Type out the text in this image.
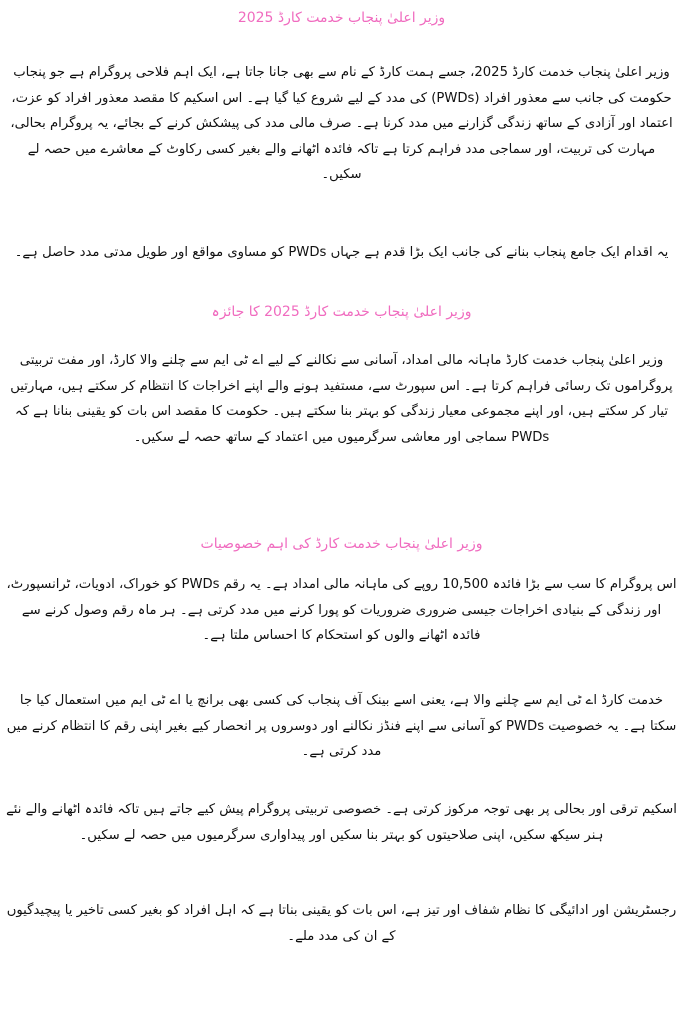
وزیر اعلیٰ پنجاب خدمت کارڈ 2025

وزیر اعلیٰ پنجاب خدمت کارڈ 2025، جسے ہمت کارڈ کے نام سے بھی جانا جاتا ہے، ایک اہم فلاحی پروگرام ہے جو پنجاب حکومت کی جانب سے معذور افراد (PWDs) کی مدد کے لیے شروع کیا گیا ہے۔ اس اسکیم کا مقصد معذور افراد کو عزت، اعتماد اور آزادی کے ساتھ زندگی گزارنے میں مدد کرنا ہے۔ صرف مالی مدد کی پیشکش کرنے کے بجائے، یہ پروگرام بحالی، مہارت کی تربیت، اور سماجی مدد فراہم کرتا ہے تاکہ فائدہ اٹھانے والے بغیر کسی رکاوٹ کے معاشرے میں حصہ لے سکیں۔

یہ اقدام ایک جامع پنجاب بنانے کی جانب ایک بڑا قدم ہے جہاں PWDs کو مساوی مواقع اور طویل مدتی مدد حاصل ہے۔

وزیر اعلیٰ پنجاب خدمت کارڈ 2025 کا جائزہ

وزیر اعلیٰ پنجاب خدمت کارڈ ماہانہ مالی امداد، آسانی سے نکالنے کے لیے اے ٹی ایم سے چلنے والا کارڈ، اور مفت تربیتی پروگراموں تک رسائی فراہم کرتا ہے۔ اس سپورٹ سے، مستفید ہونے والے اپنے اخراجات کا انتظام کر سکتے ہیں، مہارتیں تیار کر سکتے ہیں، اور اپنے مجموعی معیار زندگی کو بہتر بنا سکتے ہیں۔ حکومت کا مقصد اس بات کو یقینی بنانا ہے کہ PWDs سماجی اور معاشی سرگرمیوں میں اعتماد کے ساتھ حصہ لے سکیں۔

وزیر اعلیٰ پنجاب خدمت کارڈ کی اہم خصوصیات

اس پروگرام کا سب سے بڑا فائدہ 10,500 روپے کی ماہانہ مالی امداد ہے۔ یہ رقم PWDs کو خوراک، ادویات، ٹرانسپورٹ، اور زندگی کے بنیادی اخراجات جیسی ضروری ضروریات کو پورا کرنے میں مدد کرتی ہے۔ ہر ماہ رقم وصول کرنے سے فائدہ اٹھانے والوں کو استحکام کا احساس ملتا ہے۔

خدمت کارڈ اے ٹی ایم سے چلنے والا ہے، یعنی اسے بینک آف پنجاب کی کسی بھی برانچ یا اے ٹی ایم میں استعمال کیا جا سکتا ہے۔ یہ خصوصیت PWDs کو آسانی سے اپنے فنڈز نکالنے اور دوسروں پر انحصار کیے بغیر اپنی رقم کا انتظام کرنے میں مدد کرتی ہے۔

اسکیم ترقی اور بحالی پر بھی توجہ مرکوز کرتی ہے۔ خصوصی تربیتی پروگرام پیش کیے جاتے ہیں تاکہ فائدہ اٹھانے والے نئے ہنر سیکھ سکیں، اپنی صلاحیتوں کو بہتر بنا سکیں اور پیداواری سرگرمیوں میں حصہ لے سکیں۔

رجسٹریشن اور ادائیگی کا نظام شفاف اور تیز ہے، اس بات کو یقینی بناتا ہے کہ اہل افراد کو بغیر کسی تاخیر یا پیچیدگیوں کے ان کی مدد ملے۔
